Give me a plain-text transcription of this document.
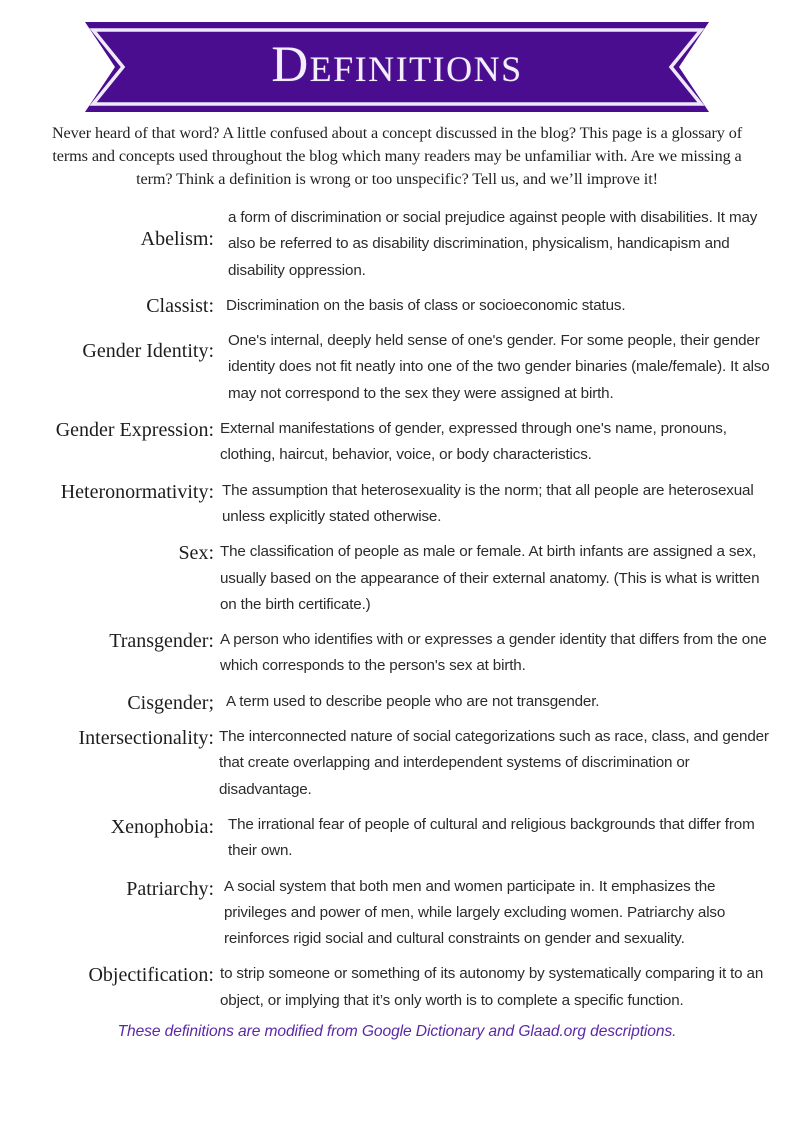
Definitions

Never heard of that word? A little confused about a concept discussed in the blog? This page is a glossary of terms and concepts used throughout the blog which many readers may be unfamiliar with. Are we missing a term? Think a definition is wrong or too unspecific? Tell us, and we’ll improve it!

Abelism:
a form of discrimination or social prejudice against people with disabilities. It may also be referred to as disability discrimination, physicalism, handicapism and disability oppression.
Classist: Discrimination on the basis of class or socioeconomic status.
Gender Identity: One's internal, deeply held sense of one's gender. For some people, their gender identity does not fit neatly into one of the two gender binaries (male/female). It also may not correspond to the sex they were assigned at birth.
Gender Expression: External manifestations of gender, expressed through one's name, pronouns, clothing, haircut, behavior, voice, or body characteristics.
Heteronormativity: The assumption that heterosexuality is the norm; that all people are heterosexual unless explicitly stated otherwise.
Sex: The classification of people as male or female. At birth infants are assigned a sex, usually based on the appearance of their external anatomy. (This is what is written on the birth certificate.)
Transgender: A person who identifies with or expresses a gender identity that differs from the one which corresponds to the person's sex at birth.
Cisgender; A term used to describe people who are not transgender.
Intersectionality: The interconnected nature of social categorizations such as race, class, and gender that create overlapping and interdependent systems of discrimination or disadvantage.
Xenophobia: The irrational fear of people of cultural and religious backgrounds that differ from their own.
Patriarchy: A social system that both men and women participate in. It emphasizes the privileges and power of men, while largely excluding women. Patriarchy also reinforces rigid social and cultural constraints on gender and sexuality.
Objectification: to strip someone or something of its autonomy by systematically comparing it to an object, or implying that it’s only worth is to complete a specific function.
These definitions are modified from Google Dictionary and Glaad.org descriptions.
